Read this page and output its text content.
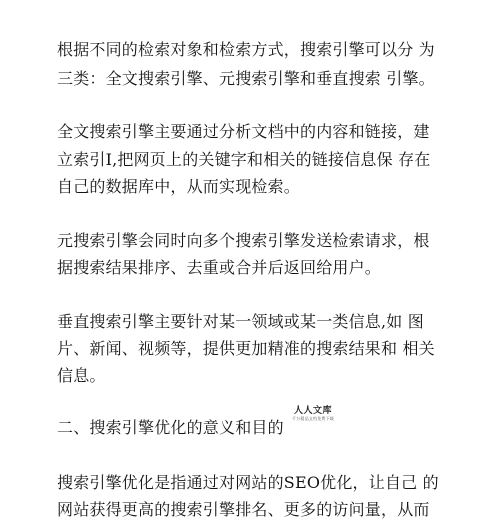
根据不同的检索对象和检索方式，搜索引擎可以分 为
三类：全文搜索引擎、元搜索引擎和垂直搜索 引擎。
全文搜索引擎主要通过分析文档中的内容和链接，建
立索引I,把网页上的关键字和相关的链接信息保 存在
自己的数据库中，从而实现检索。
元搜索引擎会同时向多个搜索引擎发送检索请求，根
据搜索结果排序、去重或合并后返回给用户。
垂直搜索引擎主要针对某一领域或某一类信息,如 图
片、新闻、视频等，提供更加精准的搜索结果和 相关
信息。
二、搜索引擎优化的意义和目的
人人文库
千万精品文档免费下载
搜索引擎优化是指通过对网站的SEO优化，让自己 的
网站获得更高的搜索引擎排名、更多的访问量，从而
